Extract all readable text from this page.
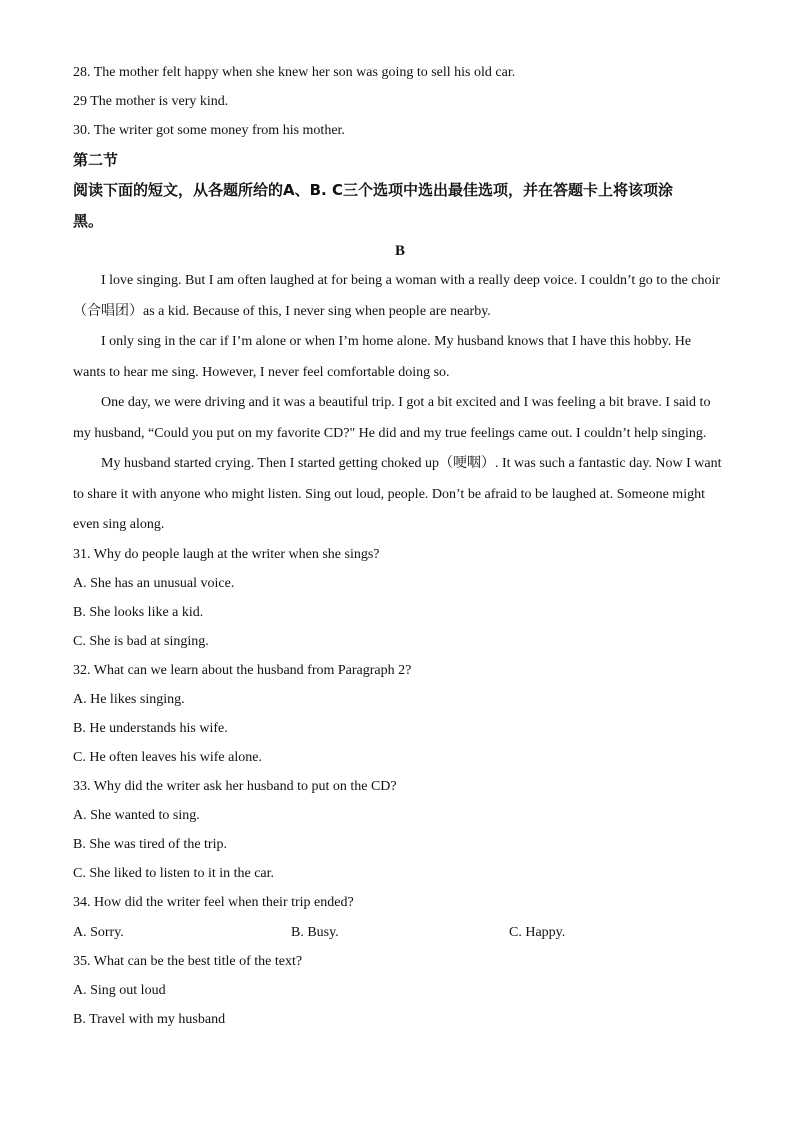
28. The mother felt happy when she knew her son was going to sell his old car.
29 The mother is very kind.
30. The writer got some money from his mother.
第二节
阅读下面的短文，从各题所给的A、B. C三个选项中选出最佳选项，并在答题卡上将该项涂
黑。
B
I love singing. But I am often laughed at for being a woman with a really deep voice. I couldn’t go to the choir
（合唱团）as a kid. Because of this, I never sing when people are nearby.
I only sing in the car if I’m alone or when I’m home alone. My husband knows that I have this hobby. He
wants to hear me sing. However, I never feel comfortable doing so.
One day, we were driving and it was a beautiful trip. I got a bit excited and I was feeling a bit brave. I said to
my husband, “Could you put on my favorite CD?" He did and my true feelings came out. I couldn’t help singing.
My husband started crying. Then I started getting choked up（哽咽）. It was such a fantastic day. Now I want
to share it with anyone who might listen. Sing out loud, people. Don’t be afraid to be laughed at. Someone might
even sing along.
31. Why do people laugh at the writer when she sings?
A. She has an unusual voice.
B. She looks like a kid.
C. She is bad at singing.
32. What can we learn about the husband from Paragraph 2?
A. He likes singing.
B. He understands his wife.
C. He often leaves his wife alone.
33. Why did the writer ask her husband to put on the CD?
A. She wanted to sing.
B. She was tired of the trip.
C. She liked to listen to it in the car.
34. How did the writer feel when their trip ended?
A. Sorry.	B. Busy.	C. Happy.
35. What can be the best title of the text?
A. Sing out loud
B. Travel with my husband
